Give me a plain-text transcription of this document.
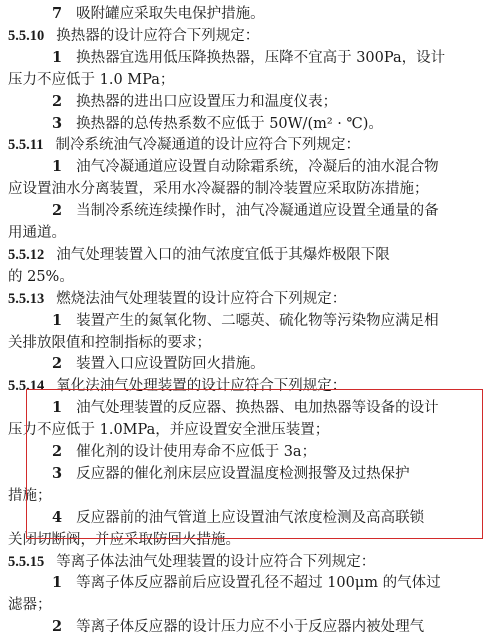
7 吸附罐应采取失电保护措施。
5.5.10 换热器的设计应符合下列规定：
1 换热器宜选用低压降换热器，压降不宜高于 300Pa，设计
压力不应低于 1.0 MPa；
2 换热器的进出口应设置压力和温度仪表；
3 换热器的总传热系数不应低于 50W/(m² · ℃)。
5.5.11 制冷系统油气冷凝通道的设计应符合下列规定：
1 油气冷凝通道应设置自动除霜系统，冷凝后的油水混合物
应设置油水分离装置，采用水冷凝器的制冷装置应采取防冻措施；
2 当制冷系统连续操作时，油气冷凝通道应设置全通量的备
用通道。
5.5.12 油气处理装置入口的油气浓度宜低于其爆炸极限下限
的 25%。
5.5.13 燃烧法油气处理装置的设计应符合下列规定：
1 装置产生的氮氧化物、二噁英、硫化物等污染物应满足相
关排放限值和控制指标的要求；
2 装置入口应设置防回火措施。
5.5.14 氧化法油气处理装置的设计应符合下列规定：
1 油气处理装置的反应器、换热器、电加热器等设备的设计
压力不应低于 1.0MPa，并应设置安全泄压装置；
2 催化剂的设计使用寿命不应低于 3a；
3 反应器的催化剂床层应设置温度检测报警及过热保护
措施；
4 反应器前的油气管道上应设置油气浓度检测及高高联锁
关闭切断阀，并应采取防回火措施。
5.5.15 等离子体法油气处理装置的设计应符合下列规定：
1 等离子体反应器前后应设置孔径不超过 100μm 的气体过
滤器；
2 等离子体反应器的设计压力应不小于反应器内被处理气
